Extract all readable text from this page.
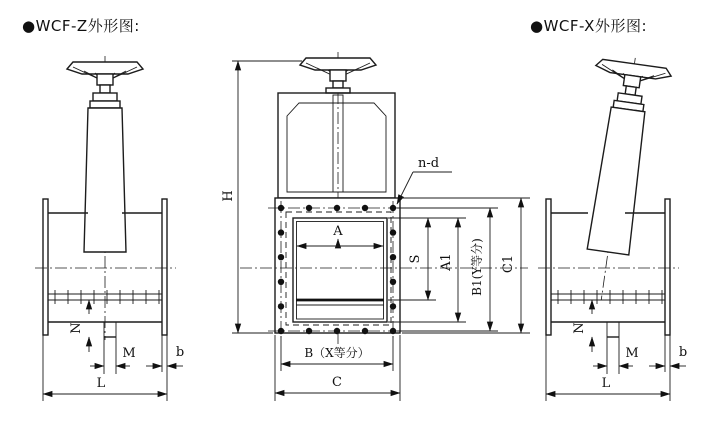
●WCF-Z外形图:	●WCF-X外形图:
N
M	b
L
n-d
H
A
S A1 B1(Y等分) C1
B（X等分）
C
N
M	b
L
